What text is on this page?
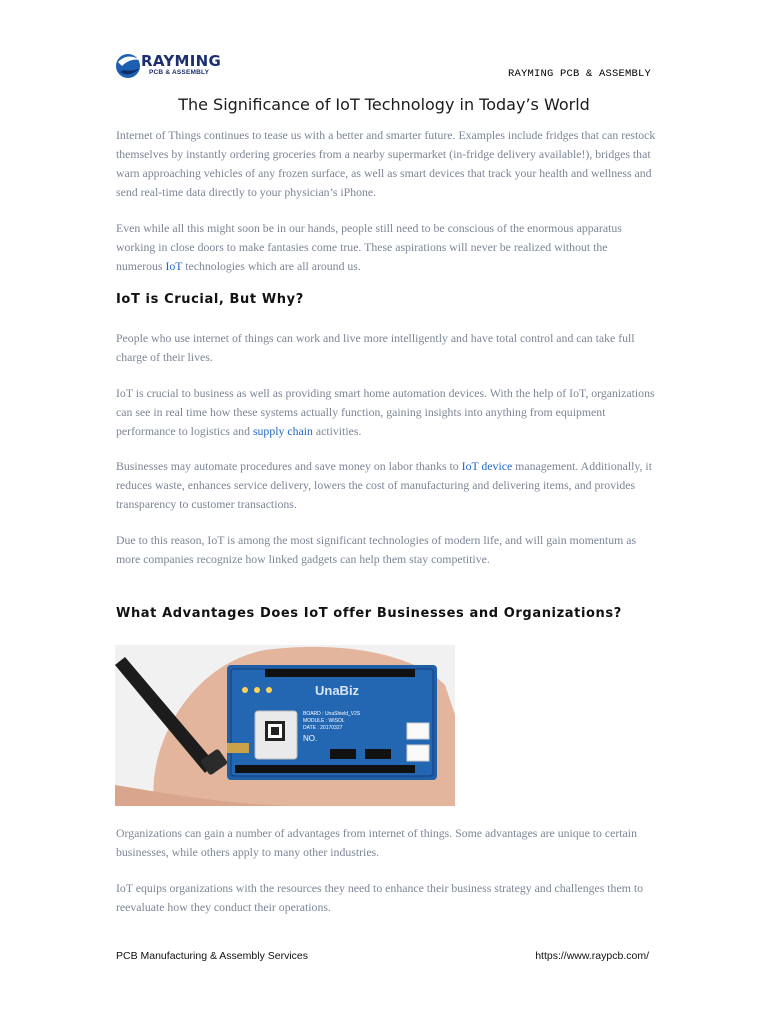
RAYMING
PCB & ASSEMBLY	RAYMING PCB & ASSEMBLY
The Significance of IoT Technology in Today’s World

Internet of Things continues to tease us with a better and smarter future. Examples include fridges that can restock themselves by instantly ordering groceries from a nearby supermarket (in-fridge delivery available!), bridges that warn approaching vehicles of any frozen surface, as well as smart devices that track your health and wellness and send real-time data directly to your physician’s iPhone.

Even while all this might soon be in our hands, people still need to be conscious of the enormous apparatus working in close doors to make fantasies come true. These aspirations will never be realized without the numerous IoT technologies which are all around us.

IoT is Crucial, But Why?

People who use internet of things can work and live more intelligently and have total control and can take full charge of their lives.

IoT is crucial to business as well as providing smart home automation devices. With the help of IoT, organizations can see in real time how these systems actually function, gaining insights into anything from equipment performance to logistics and supply chain activities.

Businesses may automate procedures and save money on labor thanks to IoT device management. Additionally, it reduces waste, enhances service delivery, lowers the cost of manufacturing and delivering items, and provides transparency to customer transactions.

Due to this reason, IoT is among the most significant technologies of modern life, and will gain momentum as more companies recognize how linked gadgets can help them stay competitive.

What Advantages Does IoT offer Businesses and Organizations?
UnaBiz
BOARD : UnaShield_V2S
MODULE : WISOL
DATE : 20170327
NO.

Organizations can gain a number of advantages from internet of things. Some advantages are unique to certain businesses, while others apply to many other industries.

IoT equips organizations with the resources they need to enhance their business strategy and challenges them to reevaluate how they conduct their operations.

PCB Manufacturing & Assembly Services	https://www.raypcb.com/
